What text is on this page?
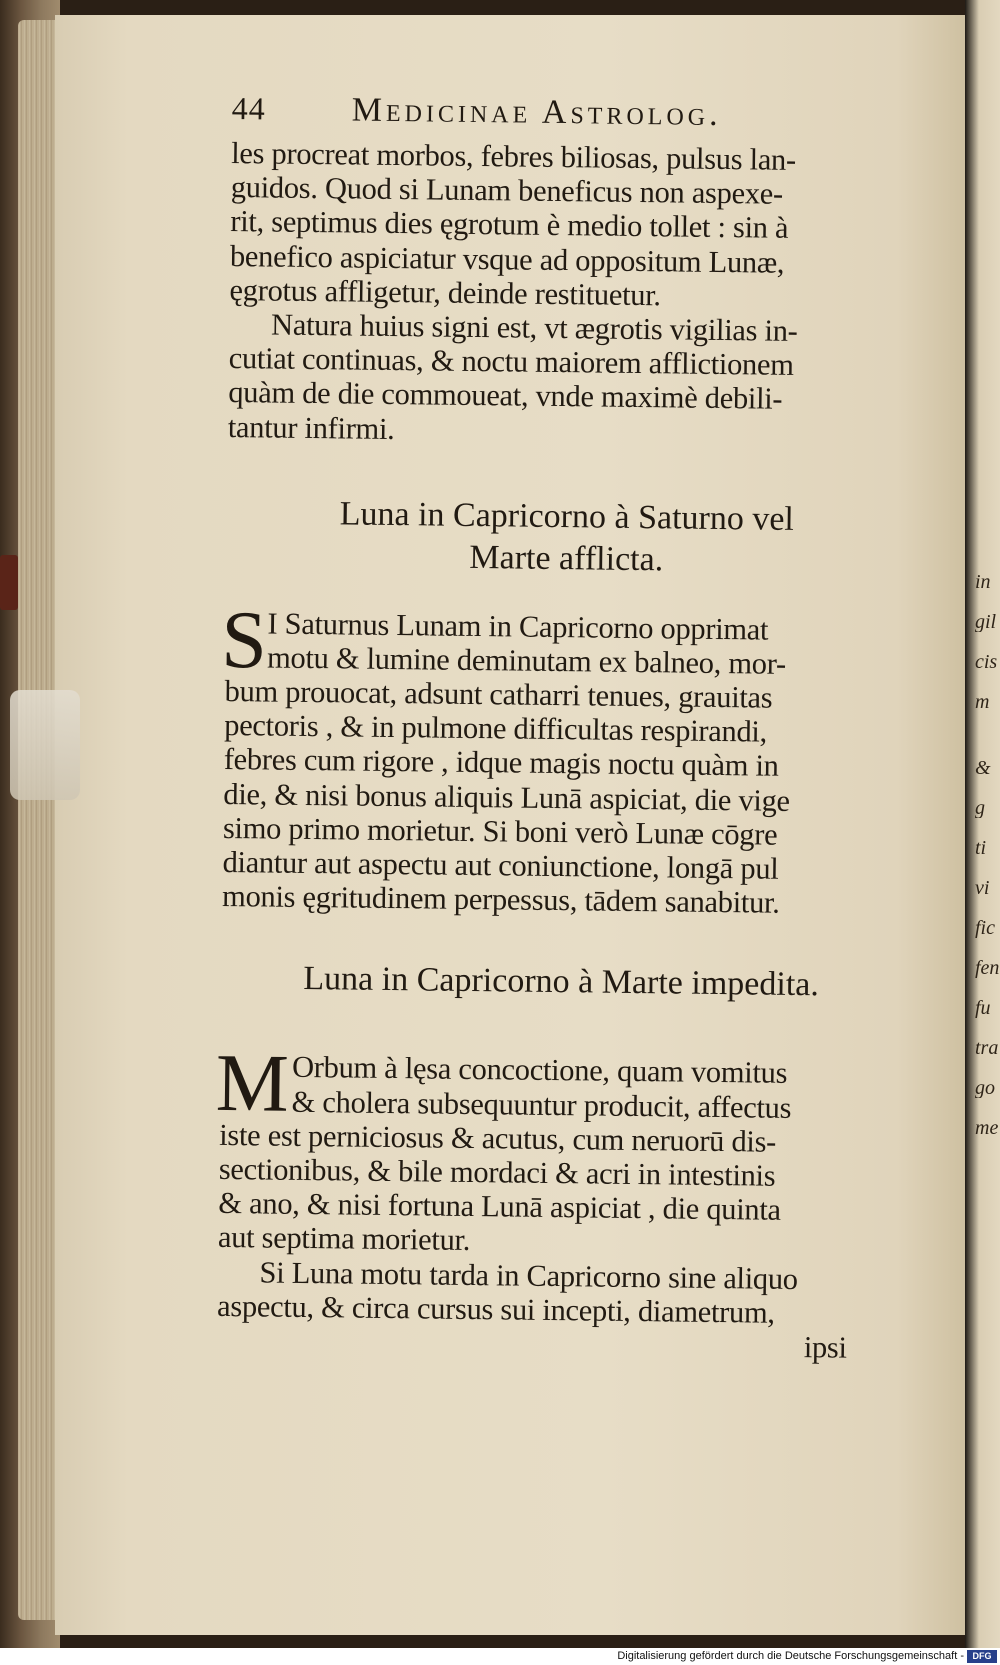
in
gil
cis
m
&
g
ti
vi
fic
fen
fu
tra
go
me
44	Medicinae Astrolog.
les procreat morbos, febres biliosas, pulsus lan-
guidos. Quod si Lunam beneficus non aspexe-
rit, septimus dies ęgrotum è medio tollet : sin à
benefico aspiciatur vsque ad oppositum Lunæ,
ęgrotus affligetur, deinde restituetur.
Natura huius signi est, vt ægrotis vigilias in-
cutiat continuas, & noctu maiorem afflictionem
quàm de die commoueat, vnde maximè debili-
tantur infirmi.
Luna in Capricorno à Saturno vel
Marte afflicta.
S I Saturnus Lunam in Capricorno opprimat
motu & lumine deminutam ex balneo, mor-
bum prouocat, adsunt catharri tenues, grauitas
pectoris , & in pulmone difficultas respirandi,
febres cum rigore , idque magis noctu quàm in
die, & nisi bonus aliquis Lunā aspiciat, die vige
simo primo morietur. Si boni verò Lunæ cōgre
diantur aut aspectu aut coniunctione, longā pul
monis ęgritudinem perpessus, tādem sanabitur.
Luna in Capricorno à Marte impedita.
M Orbum à lęsa concoctione, quam vomitus
& cholera subsequuntur producit, affectus
iste est perniciosus & acutus, cum neruorū dis-
sectionibus, & bile mordaci & acri in intestinis
& ano, & nisi fortuna Lunā aspiciat , die quinta
aut septima morietur.
Si Luna motu tarda in Capricorno sine aliquo
aspectu, & circa cursus sui incepti, diametrum,
ipsi
Digitalisierung gefördert durch die Deutsche Forschungsgemeinschaft - DFG
